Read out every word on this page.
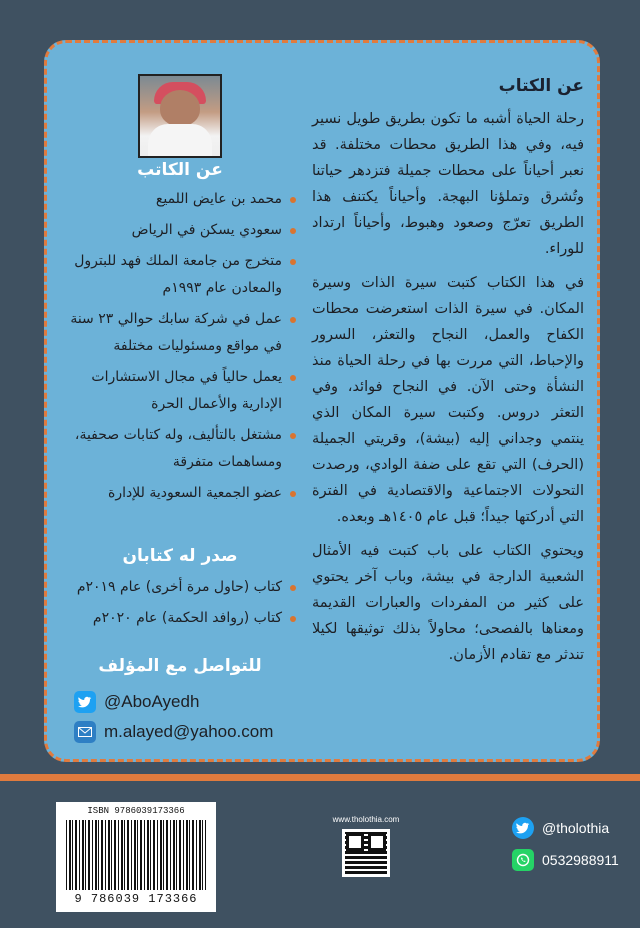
عن الكتاب

رحلة الحياة أشبه ما تكون بطريق طويل نسير فيه، وفي هذا الطريق محطات مختلفة. قد نعبر أحياناً على محطات جميلة فتزدهر حياتنا وتُشرق وتملؤنا البهجة. وأحياناً يكتنف هذا الطريق تعرّج وصعود وهبوط، وأحياناً ارتداد للوراء.

في هذا الكتاب كتبت سيرة الذات وسيرة المكان. في سيرة الذات استعرضت محطات الكفاح والعمل، النجاح والتعثر، السرور والإحباط، التي مررت بها في رحلة الحياة منذ النشأة وحتى الآن. في النجاح فوائد، وفي التعثر دروس. وكتبت سيرة المكان الذي ينتمي وجداني إليه (بيشة)، وقريتي الجميلة (الحرف) التي تقع على ضفة الوادي، ورصدت التحولات الاجتماعية والاقتصادية في الفترة التي أدركتها جيداً؛ قبل عام ١٤٠٥هـ وبعده.

ويحتوي الكتاب على باب كتبت فيه الأمثال الشعبية الدارجة في بيشة، وباب آخر يحتوي على كثير من المفردات والعبارات القديمة ومعناها بالفصحى؛ محاولاً بذلك توثيقها لكيلا تندثر مع تقادم الأزمان.

عن الكاتب
محمد بن عايض اللميع
سعودي يسكن في الرياض
متخرج من جامعة الملك فهد للبترول والمعادن عام ١٩٩٣م
عمل في شركة سابك حوالي ٢٣ سنة في مواقع ومسئوليات مختلفة
يعمل حالياً في مجال الاستشارات الإدارية والأعمال الحرة
مشتغل بالتأليف، وله كتابات صحفية، ومساهمات متفرقة
عضو الجمعية السعودية للإدارة
صدر له كتابان
كتاب (حاول مرة أخرى) عام ٢٠١٩م
كتاب (روافد الحكمة) عام ٢٠٢٠م
للتواصل مع المؤلف
@AboAyedh
m.alayed@yahoo.com
ISBN 9786039173366
9 786039 173366
www.tholothia.com
@tholothia
0532988911
